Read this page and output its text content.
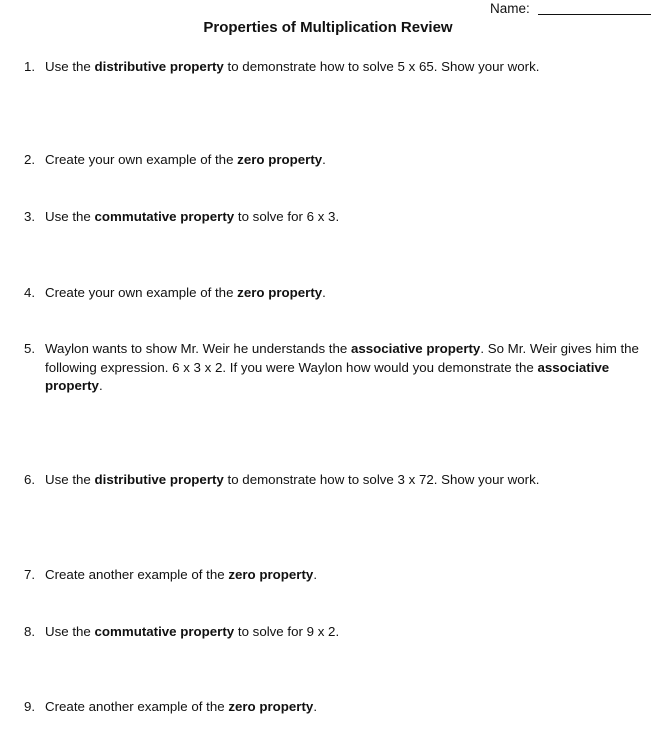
Name:
Properties of Multiplication Review
1. Use the distributive property to demonstrate how to solve 5 x 65. Show your work.
2. Create your own example of the zero property.
3. Use the commutative property to solve for 6 x 3.
4. Create your own example of the zero property.
5. Waylon wants to show Mr. Weir he understands the associative property. So Mr. Weir gives him the following expression. 6 x 3 x 2. If you were Waylon how would you demonstrate the associative property.
6. Use the distributive property to demonstrate how to solve 3 x 72. Show your work.
7. Create another example of the zero property.
8. Use the commutative property to solve for 9 x 2.
9. Create another example of the zero property.
